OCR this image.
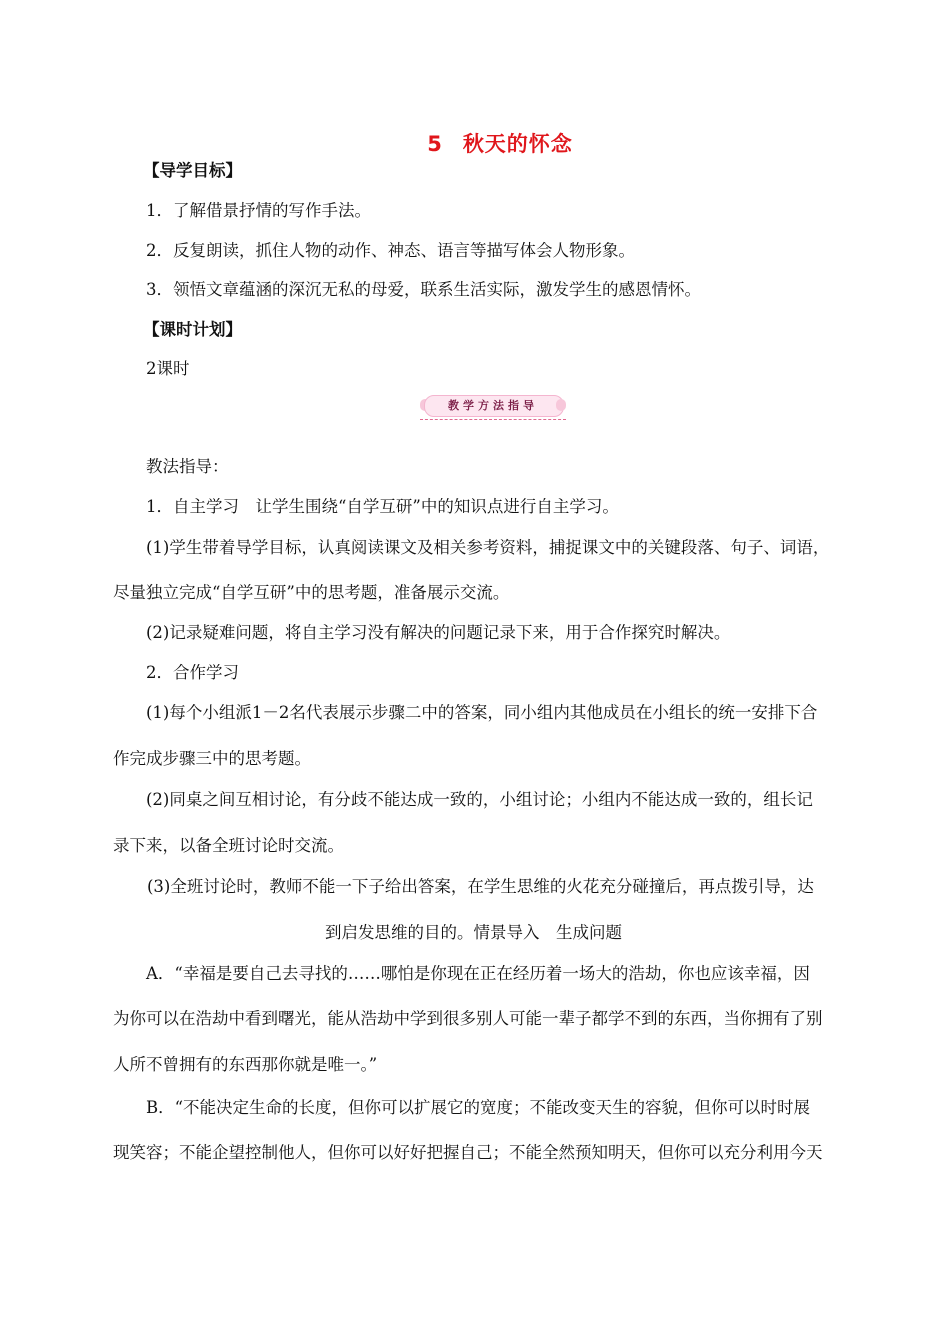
5 秋天的怀念
【导学目标】
1．了解借景抒情的写作手法。
2．反复朗读，抓住人物的动作、神态、语言等描写体会人物形象。
3．领悟文章蕴涵的深沉无私的母爱，联系生活实际，激发学生的感恩情怀。
【课时计划】
2课时
教学方法指导
教法指导：
1．自主学习　让学生围绕“自学互研”中的知识点进行自主学习。
(1)学生带着导学目标，认真阅读课文及相关参考资料，捕捉课文中的关键段落、句子、词语，
尽量独立完成“自学互研”中的思考题，准备展示交流。
(2)记录疑难问题，将自主学习没有解决的问题记录下来，用于合作探究时解决。
2．合作学习
(1)每个小组派1－2名代表展示步骤二中的答案，同小组内其他成员在小组长的统一安排下合
作完成步骤三中的思考题。
(2)同桌之间互相讨论，有分歧不能达成一致的，小组讨论；小组内不能达成一致的，组长记
录下来，以备全班讨论时交流。
(3)全班讨论时，教师不能一下子给出答案，在学生思维的火花充分碰撞后，再点拨引导，达
到启发思维的目的。情景导入　生成问题
A．“幸福是要自己去寻找的……哪怕是你现在正在经历着一场大的浩劫，你也应该幸福，因
为你可以在浩劫中看到曙光，能从浩劫中学到很多别人可能一辈子都学不到的东西，当你拥有了别
人所不曾拥有的东西那你就是唯一。”
B．“不能决定生命的长度，但你可以扩展它的宽度；不能改变天生的容貌，但你可以时时展
现笑容；不能企望控制他人，但你可以好好把握自己；不能全然预知明天，但你可以充分利用今天
